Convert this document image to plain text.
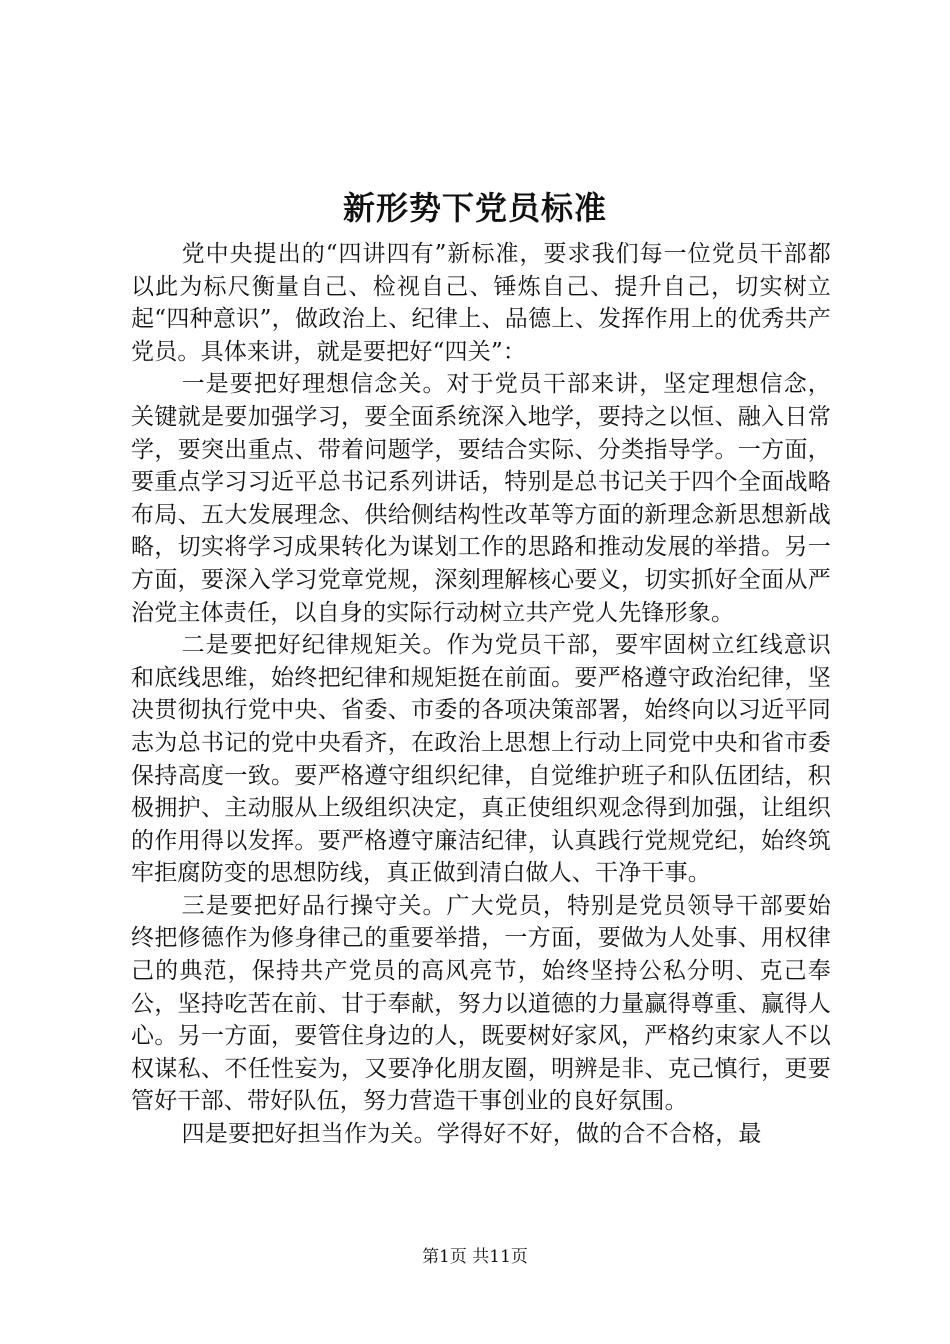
新形势下党员标准

党中央提出的“四讲四有”新标准，要求我们每一位党员干部都以此为标尺衡量自己、检视自己、锤炼自己、提升自己，切实树立起“四种意识”，做政治上、纪律上、品德上、发挥作用上的优秀共产党员。具体来讲，就是要把好“四关”：

一是要把好理想信念关。对于党员干部来讲，坚定理想信念，关键就是要加强学习，要全面系统深入地学，要持之以恒、融入日常学，要突出重点、带着问题学，要结合实际、分类指导学。一方面，要重点学习习近平总书记系列讲话，特别是总书记关于四个全面战略布局、五大发展理念、供给侧结构性改革等方面的新理念新思想新战略，切实将学习成果转化为谋划工作的思路和推动发展的举措。另一方面，要深入学习党章党规，深刻理解核心要义，切实抓好全面从严治党主体责任，以自身的实际行动树立共产党人先锋形象。

二是要把好纪律规矩关。作为党员干部，要牢固树立红线意识和底线思维，始终把纪律和规矩挺在前面。要严格遵守政治纪律，坚决贯彻执行党中央、省委、市委的各项决策部署，始终向以习近平同志为总书记的党中央看齐，在政治上思想上行动上同党中央和省市委保持高度一致。要严格遵守组织纪律，自觉维护班子和队伍团结，积极拥护、主动服从上级组织决定，真正使组织观念得到加强，让组织的作用得以发挥。要严格遵守廉洁纪律，认真践行党规党纪，始终筑牢拒腐防变的思想防线，真正做到清白做人、干净干事。

三是要把好品行操守关。广大党员，特别是党员领导干部要始终把修德作为修身律己的重要举措，一方面，要做为人处事、用权律己的典范，保持共产党员的高风亮节，始终坚持公私分明、克己奉公，坚持吃苦在前、甘于奉献，努力以道德的力量赢得尊重、赢得人心。另一方面，要管住身边的人，既要树好家风，严格约束家人不以权谋私、不任性妄为，又要净化朋友圈，明辨是非、克己慎行，更要管好干部、带好队伍，努力营造干事创业的良好氛围。

四是要把好担当作为关。学得好不好，做的合不合格，最

第1页 共11页
